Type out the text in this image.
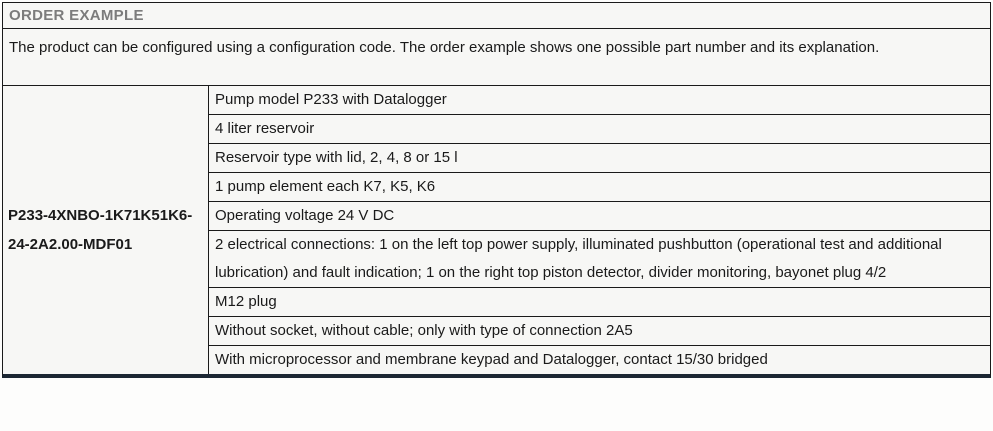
ORDER EXAMPLE
The product can be configured using a configuration code. The order example shows one possible part number and its explanation.
P233-4XNBO-1K71K51K6-24-2A2.00-MDF01
Pump model P233 with Datalogger
4 liter reservoir
Reservoir type with lid, 2, 4, 8 or 15 l
1 pump element each K7, K5, K6
Operating voltage 24 V DC
2 electrical connections: 1 on the left top power supply, illuminated pushbutton (operational test and additional lubrication) and fault indication; 1 on the right top piston detector, divider monitoring, bayonet plug 4/2
M12 plug
Without socket, without cable; only with type of connection 2A5
With microprocessor and membrane keypad and Datalogger, contact 15/30 bridged
